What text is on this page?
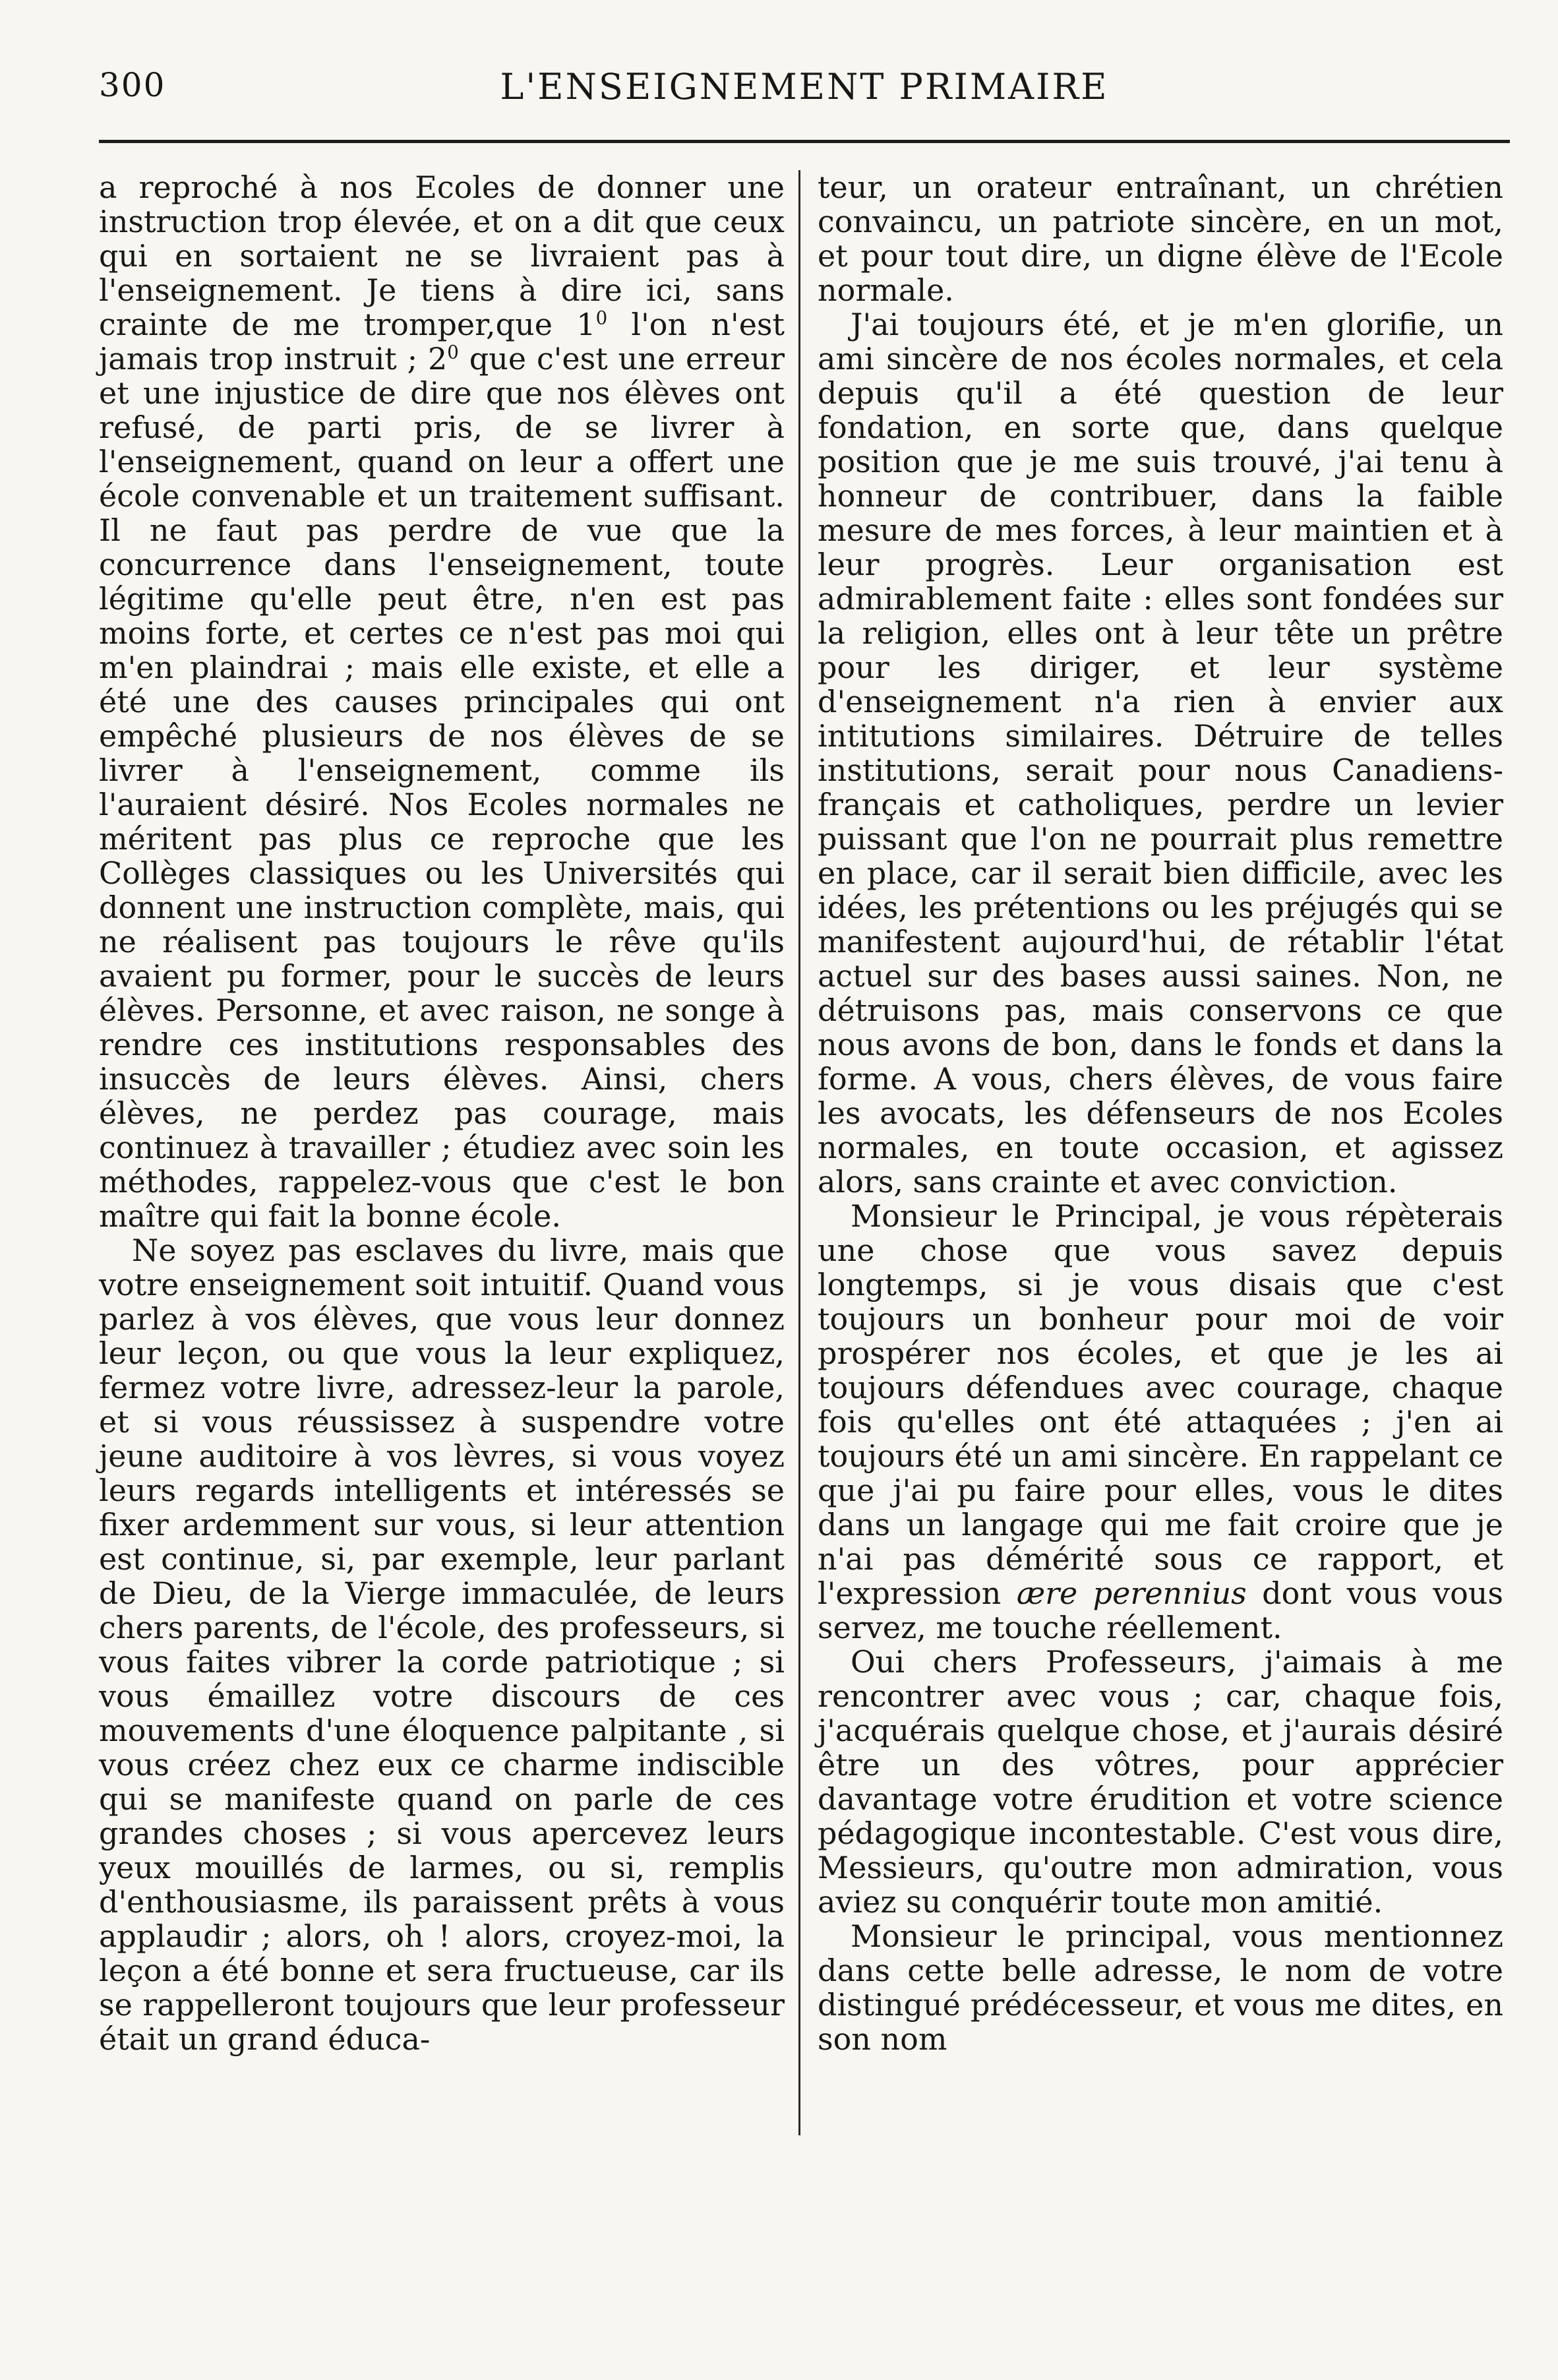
300	L'ENSEIGNEMENT PRIMAIRE

a reproché à nos Ecoles de donner une instruction trop élevée, et on a dit que ceux qui en sortaient ne se livraient pas à l'enseignement. Je tiens à dire ici, sans crainte de me tromper,que $1^0$ l'on n'est jamais trop instruit ; $2^0$ que c'est une erreur et une injustice de dire que nos élèves ont refusé, de parti pris, de se livrer à l'enseignement, quand on leur a offert une école convenable et un traitement suffisant. Il ne faut pas perdre de vue que la concurrence dans l'enseignement, toute légitime qu'elle peut être, n'en est pas moins forte, et certes ce n'est pas moi qui m'en plaindrai ; mais elle existe, et elle a été une des causes principales qui ont empêché plusieurs de nos élèves de se livrer à l'enseignement, comme ils l'auraient désiré. Nos Ecoles normales ne méritent pas plus ce reproche que les Collèges classiques ou les Universités qui donnent une instruction complète, mais, qui ne réalisent pas toujours le rêve qu'ils avaient pu former, pour le succès de leurs élèves. Personne, et avec raison, ne songe à rendre ces institutions responsables des insuccès de leurs élèves. Ainsi, chers élèves, ne perdez pas courage, mais continuez à travailler ; étudiez avec soin les méthodes, rappelez-vous que c'est le bon maître qui fait la bonne école.

Ne soyez pas esclaves du livre, mais que votre enseignement soit intuitif. Quand vous parlez à vos élèves, que vous leur donnez leur leçon, ou que vous la leur expliquez, fermez votre livre, adressez-leur la parole, et si vous réussissez à suspendre votre jeune auditoire à vos lèvres, si vous voyez leurs regards intelligents et intéressés se fixer ardemment sur vous, si leur attention est continue, si, par exemple, leur parlant de Dieu, de la Vierge immaculée, de leurs chers parents, de l'école, des professeurs, si vous faites vibrer la corde patriotique ; si vous émaillez votre discours de ces mouvements d'une éloquence palpitante , si vous créez chez eux ce charme indiscible qui se manifeste quand on parle de ces grandes choses ; si vous apercevez leurs yeux mouillés de larmes, ou si, remplis d'enthousiasme, ils paraissent prêts à vous applaudir ; alors, oh ! alors, croyez-moi, la leçon a été bonne et sera fructueuse, car ils se rappelleront toujours que leur professeur était un grand éduca-

teur, un orateur entraînant, un chrétien convaincu, un patriote sincère, en un mot, et pour tout dire, un digne élève de l'Ecole normale.

J'ai toujours été, et je m'en glorifie, un ami sincère de nos écoles normales, et cela depuis qu'il a été question de leur fondation, en sorte que, dans quelque position que je me suis trouvé, j'ai tenu à honneur de contribuer, dans la faible mesure de mes forces, à leur maintien et à leur progrès. Leur organisation est admirablement faite : elles sont fondées sur la religion, elles ont à leur tête un prêtre pour les diriger, et leur système d'enseignement n'a rien à envier aux intitutions similaires. Détruire de telles institutions, serait pour nous Canadiens-français et catholiques, perdre un levier puissant que l'on ne pourrait plus remettre en place, car il serait bien difficile, avec les idées, les prétentions ou les préjugés qui se manifestent aujourd'hui, de rétablir l'état actuel sur des bases aussi saines. Non, ne détruisons pas, mais conservons ce que nous avons de bon, dans le fonds et dans la forme. A vous, chers élèves, de vous faire les avocats, les défenseurs de nos Ecoles normales, en toute occasion, et agissez alors, sans crainte et avec conviction.

Monsieur le Principal, je vous répèterais une chose que vous savez depuis longtemps, si je vous disais que c'est toujours un bonheur pour moi de voir prospérer nos écoles, et que je les ai toujours défendues avec courage, chaque fois qu'elles ont été attaquées ; j'en ai toujours été un ami sincère. En rappelant ce que j'ai pu faire pour elles, vous le dites dans un langage qui me fait croire que je n'ai pas démérité sous ce rapport, et l'expression ære perennius dont vous vous servez, me touche réellement.

Oui chers Professeurs, j'aimais à me rencontrer avec vous ; car, chaque fois, j'acquérais quelque chose, et j'aurais désiré être un des vôtres, pour apprécier davantage votre érudition et votre science pédagogique incontestable. C'est vous dire, Messieurs, qu'outre mon admiration, vous aviez su conquérir toute mon amitié.

Monsieur le principal, vous mentionnez dans cette belle adresse, le nom de votre distingué prédécesseur, et vous me dites, en son nom
